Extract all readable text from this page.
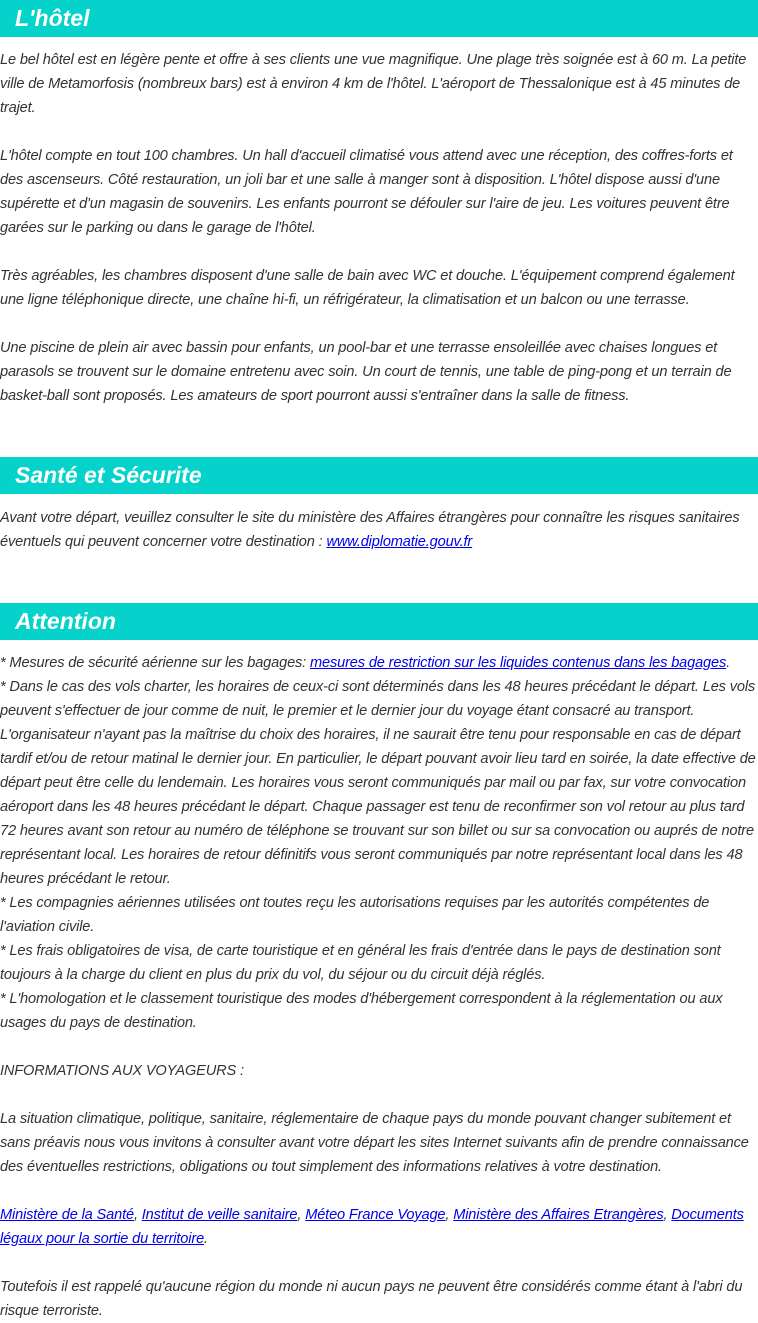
L'hôtel

Le bel hôtel est en légère pente et offre à ses clients une vue magnifique. Une plage très soignée est à 60 m. La petite ville de Metamorfosis (nombreux bars) est à environ 4 km de l'hôtel. L'aéroport de Thessalonique est à 45 minutes de trajet.

L'hôtel compte en tout 100 chambres. Un hall d'accueil climatisé vous attend avec une réception, des coffres-forts et des ascenseurs. Côté restauration, un joli bar et une salle à manger sont à disposition. L'hôtel dispose aussi d'une supérette et d'un magasin de souvenirs. Les enfants pourront se défouler sur l'aire de jeu. Les voitures peuvent être garées sur le parking ou dans le garage de l'hôtel.

Très agréables, les chambres disposent d'une salle de bain avec WC et douche. L'équipement comprend également une ligne téléphonique directe, une chaîne hi-fi, un réfrigérateur, la climatisation et un balcon ou une terrasse.

Une piscine de plein air avec bassin pour enfants, un pool-bar et une terrasse ensoleillée avec chaises longues et parasols se trouvent sur le domaine entretenu avec soin. Un court de tennis, une table de ping-pong et un terrain de basket-ball sont proposés. Les amateurs de sport pourront aussi s'entraîner dans la salle de fitness.

Santé et Sécurite

Avant votre départ, veuillez consulter le site du ministère des Affaires étrangères pour connaître les risques sanitaires éventuels qui peuvent concerner votre destination : www.diplomatie.gouv.fr

Attention

* Mesures de sécurité aérienne sur les bagages: mesures de restriction sur les liquides contenus dans les bagages.

* Dans le cas des vols charter, les horaires de ceux-ci sont déterminés dans les 48 heures précédant le départ. Les vols peuvent s'effectuer de jour comme de nuit, le premier et le dernier jour du voyage étant consacré au transport. L'organisateur n'ayant pas la maîtrise du choix des horaires, il ne saurait être tenu pour responsable en cas de départ tardif et/ou de retour matinal le dernier jour. En particulier, le départ pouvant avoir lieu tard en soirée, la date effective de départ peut être celle du lendemain. Les horaires vous seront communiqués par mail ou par fax, sur votre convocation aéroport dans les 48 heures précédant le départ. Chaque passager est tenu de reconfirmer son vol retour au plus tard 72 heures avant son retour au numéro de téléphone se trouvant sur son billet ou sur sa convocation ou auprés de notre représentant local. Les horaires de retour définitifs vous seront communiqués par notre représentant local dans les 48 heures précédant le retour.

* Les compagnies aériennes utilisées ont toutes reçu les autorisations requises par les autorités compétentes de l'aviation civile.

* Les frais obligatoires de visa, de carte touristique et en général les frais d'entrée dans le pays de destination sont toujours à la charge du client en plus du prix du vol, du séjour ou du circuit déjà réglés.

* L'homologation et le classement touristique des modes d'hébergement correspondent à la réglementation ou aux usages du pays de destination.

INFORMATIONS AUX VOYAGEURS :

La situation climatique, politique, sanitaire, réglementaire de chaque pays du monde pouvant changer subitement et sans préavis nous vous invitons à consulter avant votre départ les sites Internet suivants afin de prendre connaissance des éventuelles restrictions, obligations ou tout simplement des informations relatives à votre destination.

Ministère de la Santé, Institut de veille sanitaire, Méteo France Voyage, Ministère des Affaires Etrangères, Documents légaux pour la sortie du territoire.

Toutefois il est rappelé qu'aucune région du monde ni aucun pays ne peuvent être considérés comme étant à l'abri du risque terroriste.
